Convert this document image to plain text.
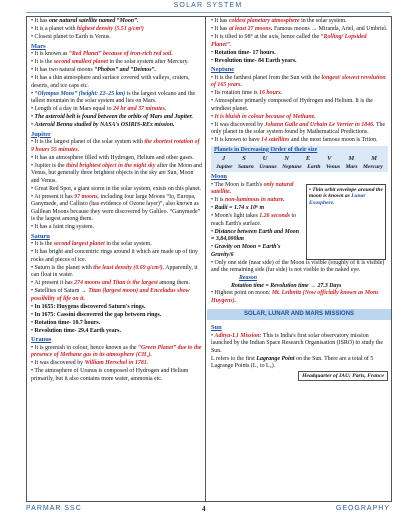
SOLAR SYSTEM
• It has one natural satellite named “Moon”.
• It is a planet with highest density (5.51 g/cm³)
• Closest planet to Earth is Venus.
Mars
• It is known as “Red Planet” because of iron-rich red soil.
• It is the second smallest planet in the solar system after Mercury.
• It has two natural moons “Phobos” and “Deimos”.
• It has a thin atmosphere and surface covered with valleys, craters, deserts, and ice caps etc.
• “Olympus Mons” (height: 22–25 km) is the largest volcano and the tallest mountain in the solar system and lies on Mars.
• Length of a day in Mars equal to 24 hr and 37 minutes.
• The asteroid belt is found between the orbits of Mars and Jupiter.
• Asteroid Bennu studied by NASA's OSIRIS-REx mission.
Jupiter
• It is the largest planet of the solar system with the shortest rotation of 9 hours 55 minutes.
• It has an atmosphere filled with Hydrogen, Helium and other gases.
• Jupiter is the third brightest object in the night sky after the Moon and Venus, but generally three brightest objects in the sky are Sun, Moon and Venus.
• Great Red Spot, a giant storm in the solar system, exists on this planet.
• At present it has 97 moons, including four large Moons “Io, Europa, Ganymede, and Callisto (has evidence of Ozone layer)”, also known as Galilean Moons because they were discovered by Galileo. “Ganymede” is the largest among them.
• It has a faint ring system.
Saturn
• It is the second largest planet in the solar system.
• It has bright and concentric rings around it which are made up of tiny rocks and pieces of ice.
• Saturn is the planet with the least density (0.69 g/cm³). Apparently, it can float in water.
• At present it has 274 moons and Titan is the largest among them.
• Satellites of Saturn → Titan (largest moon) and Enceladus show possibility of life on it.
• In 1655: Huygens discovered Saturn's rings.
• In 1675: Cassini discovered the gap between rings.
• Rotation time- 10.7 hours.
• Revolution time- 29.4 Earth years.
Uranus
• It is greenish in colour, hence known as the “Green Planet” due to the presence of Methane gas in its atmosphere (CH₄).
• It was discovered by William Herschel in 1781.
• The atmosphere of Uranus is composed of Hydrogen and Helium primarily, but it also contains more water, ammonia etc.
• It has coldest planetary atmosphere in the solar system.
• It has at least 27 moons. Famous moons → Miranda, Ariel, and Umbriel.
• It is tilted to 98° at the axis, hence called the “Rolling/ Lopsided Planet”.
• Rotation time- 17 hours.
• Revolution time- 84 Earth years.
Neptune
• It is the farthest planet from the Sun with the longest/ slowest revolution of 165 years.
• Its rotation time is 16 hours.
• Atmosphere primarily composed of Hydrogen and Helium. It is the windiest planet.
• It is bluish in colour because of Methane.
• It was discovered by Johann Galle and Urbain Le Verrier in 1846. The only planet in the solar system found by Mathematical Predictions.
• It is known to have 14 satellites and the most famous moon is Triton.
Planets in Decreasing Order of their size
J	S	U	N	E	V	M	M
Jupiter Saturn Uranus Neptune Earth Venus Mars Mercury
Moon
• The Moon is Earth's only natural satellite.
• It is non-luminous in nature.
• Radii = 1.74 x 10⁶ m
• Moon's light takes 1.26 seconds to reach Earth's surface.
• Distance between Earth and Moon = 3,84,000km
• Gravity on Moon = Earth's Gravity/6
• Thin orbit envelope around the moon is known as Lunar Exosphere.
• Only one side (near side) of the Moon is visible (roughly of it is visible) and the remaining side (far side) is not visible to the naked eye.
Reason
Rotation time = Revolution time → 27.3 Days
• Highest point on moon: Mt. Leibnitz (Now officially known as Mons Huygens).
SOLAR, LUNAR AND MARS MISSIONS
Sun
• Aditya-L1 Mission: This is India's first solar observatory mission launched by the Indian Space Research Organisation (ISRO) to study the Sun.
L refers to the first Lagrange Point on the Sun. There are a total of 5 Lagrange Points (L₁ to L₅).
Headquarter of IAU: Paris, France
PARMAR SSC	4	GEOGRAPHY
